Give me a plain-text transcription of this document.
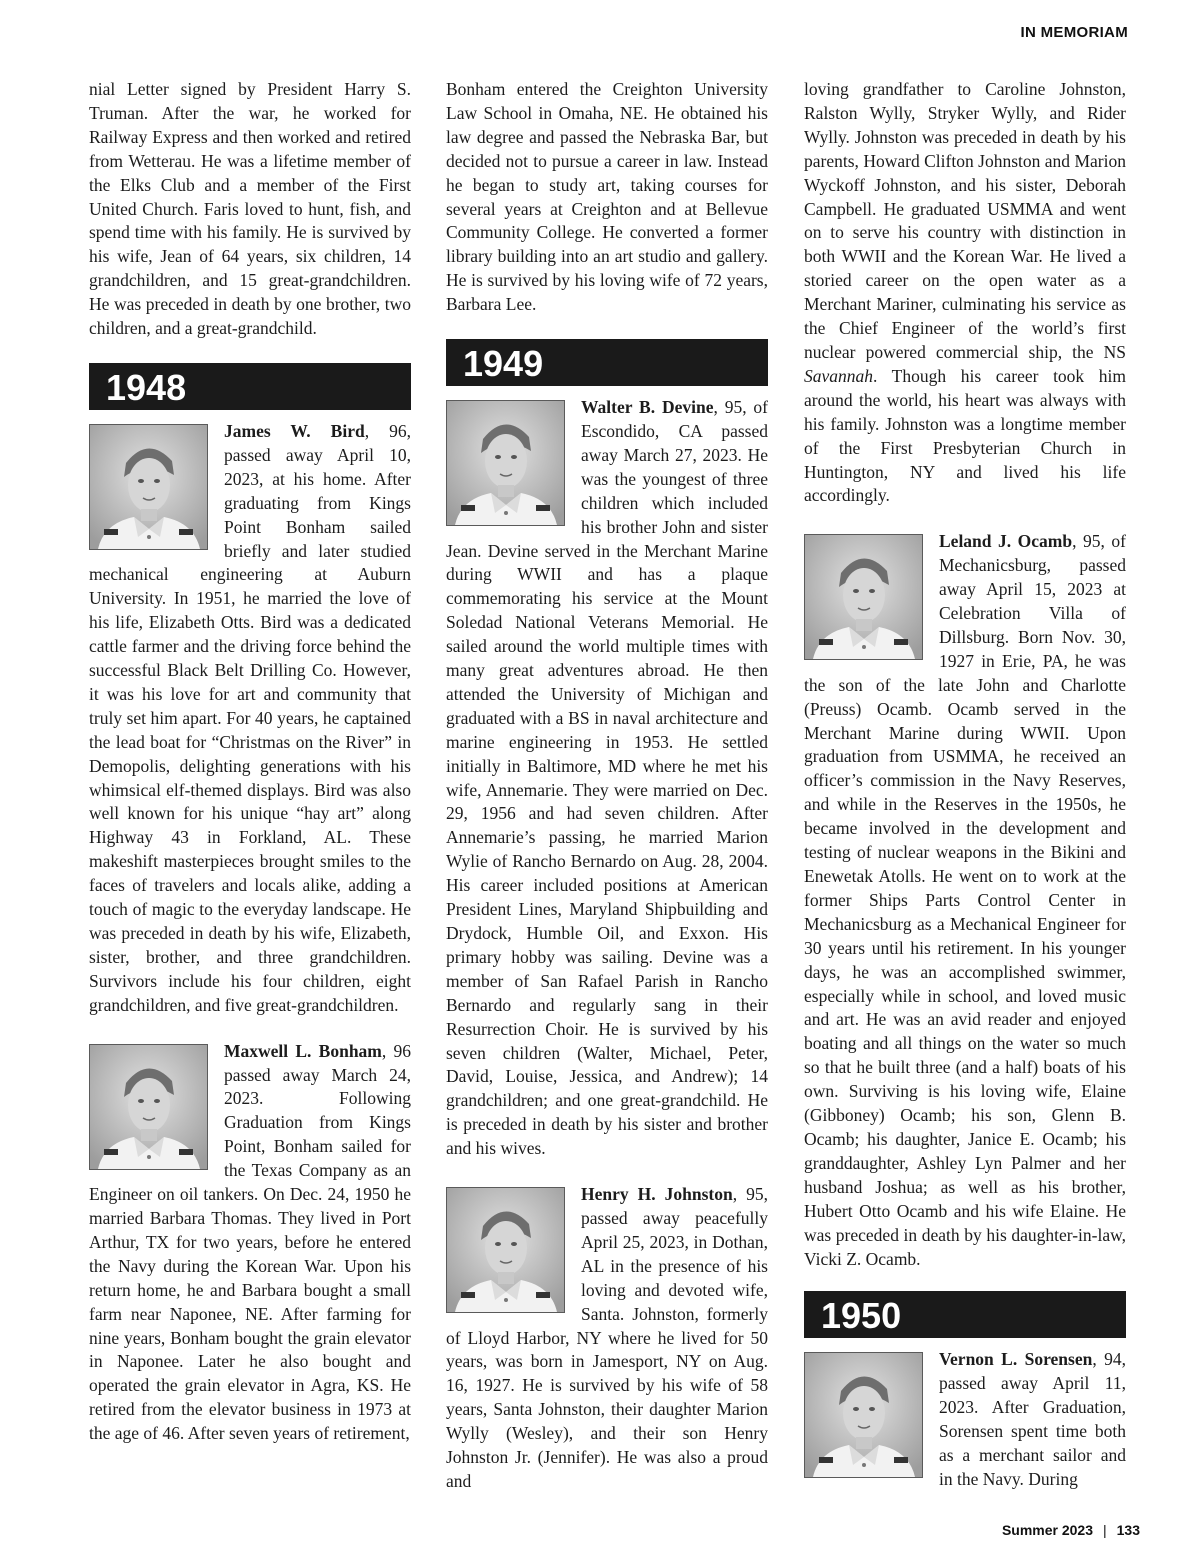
IN MEMORIAM

nial Letter signed by President Harry S. Truman. After the war, he worked for Railway Express and then worked and retired from Wetterau. He was a lifetime member of the Elks Club and a member of the First United Church. Faris loved to hunt, fish, and spend time with his family. He is survived by his wife, Jean of 64 years, six children, 14 grandchildren, and 15 great-grandchildren. He was preceded in death by one brother, two children, and a great-grandchild.

1948

James W. Bird, 96, passed away April 10, 2023, at his home. After graduating from Kings Point Bonham sailed briefly and later studied mechanical engineering at Auburn University. In 1951, he married the love of his life, Elizabeth Otts. Bird was a dedicated cattle farmer and the driving force behind the successful Black Belt Drilling Co. However, it was his love for art and community that truly set him apart. For 40 years, he captained the lead boat for “Christmas on the River” in Demopolis, delighting generations with his whimsical elf-themed displays. Bird was also well known for his unique “hay art” along Highway 43 in Forkland, AL. These makeshift masterpieces brought smiles to the faces of travelers and locals alike, adding a touch of magic to the everyday landscape. He was preceded in death by his wife, Elizabeth, sister, brother, and three grandchildren. Survivors include his four children, eight grandchildren, and five great-grandchildren.

Maxwell L. Bonham, 96 passed away March 24, 2023. Following Graduation from Kings Point, Bonham sailed for the Texas Company as an Engineer on oil tankers. On Dec. 24, 1950 he married Barbara Thomas. They lived in Port Arthur, TX for two years, before he entered the Navy during the Korean War. Upon his return home, he and Barbara bought a small farm near Naponee, NE. After farming for nine years, Bonham bought the grain elevator in Naponee. Later he also bought and operated the grain elevator in Agra, KS. He retired from the elevator business in 1973 at the age of 46. After seven years of retirement,

Bonham entered the Creighton University Law School in Omaha, NE. He obtained his law degree and passed the Nebraska Bar, but decided not to pursue a career in law. Instead he began to study art, taking courses for several years at Creighton and at Bellevue Community College. He converted a former library building into an art studio and gallery. He is survived by his loving wife of 72 years, Barbara Lee.

1949

Walter B. Devine, 95, of Escondido, CA passed away March 27, 2023. He was the youngest of three children which included his brother John and sister Jean. Devine served in the Merchant Marine during WWII and has a plaque commemorating his service at the Mount Soledad National Veterans Memorial. He sailed around the world multiple times with many great adventures abroad. He then attended the University of Michigan and graduated with a BS in naval architecture and marine engineering in 1953. He settled initially in Baltimore, MD where he met his wife, Annemarie. They were married on Dec. 29, 1956 and had seven children. After Annemarie’s passing, he married Marion Wylie of Rancho Bernardo on Aug. 28, 2004. His career included positions at American President Lines, Maryland Shipbuilding and Drydock, Humble Oil, and Exxon. His primary hobby was sailing. Devine was a member of San Rafael Parish in Rancho Bernardo and regularly sang in their Resurrection Choir. He is survived by his seven children (Walter, Michael, Peter, David, Louise, Jessica, and Andrew); 14 grandchildren; and one great-grandchild. He is preceded in death by his sister and brother and his wives.

Henry H. Johnston, 95, passed away peacefully April 25, 2023, in Dothan, AL in the presence of his loving and devoted wife, Santa. Johnston, formerly of Lloyd Harbor, NY where he lived for 50 years, was born in Jamesport, NY on Aug. 16, 1927. He is survived by his wife of 58 years, Santa Johnston, their daughter Marion Wylly (Wesley), and their son Henry Johnston Jr. (Jennifer). He was also a proud and

loving grandfather to Caroline Johnston, Ralston Wylly, Stryker Wylly, and Rider Wylly. Johnston was preceded in death by his parents, Howard Clifton Johnston and Marion Wyckoff Johnston, and his sister, Deborah Campbell. He graduated USMMA and went on to serve his country with distinction in both WWII and the Korean War. He lived a storied career on the open water as a Merchant Mariner, culminating his service as the Chief Engineer of the world’s first nuclear powered commercial ship, the NS Savannah. Though his career took him around the world, his heart was always with his family. Johnston was a longtime member of the First Presbyterian Church in Huntington, NY and lived his life accordingly.

Leland J. Ocamb, 95, of Mechanicsburg, passed away April 15, 2023 at Celebration Villa of Dillsburg. Born Nov. 30, 1927 in Erie, PA, he was the son of the late John and Charlotte (Preuss) Ocamb. Ocamb served in the Merchant Marine during WWII. Upon graduation from USMMA, he received an officer’s commission in the Navy Reserves, and while in the Reserves in the 1950s, he became involved in the development and testing of nuclear weapons in the Bikini and Enewetak Atolls. He went on to work at the former Ships Parts Control Center in Mechanicsburg as a Mechanical Engineer for 30 years until his retirement. In his younger days, he was an accomplished swimmer, especially while in school, and loved music and art. He was an avid reader and enjoyed boating and all things on the water so much so that he built three (and a half) boats of his own. Surviving is his loving wife, Elaine (Gibboney) Ocamb; his son, Glenn B. Ocamb; his daughter, Janice E. Ocamb; his granddaughter, Ashley Lyn Palmer and her husband Joshua; as well as his brother, Hubert Otto Ocamb and his wife Elaine. He was preceded in death by his daughter-in-law, Vicki Z. Ocamb.

1950

Vernon L. Sorensen, 94, passed away April 11, 2023. After Graduation, Sorensen spent time both as a merchant sailor and in the Navy. During

Summer 2023 | 133
